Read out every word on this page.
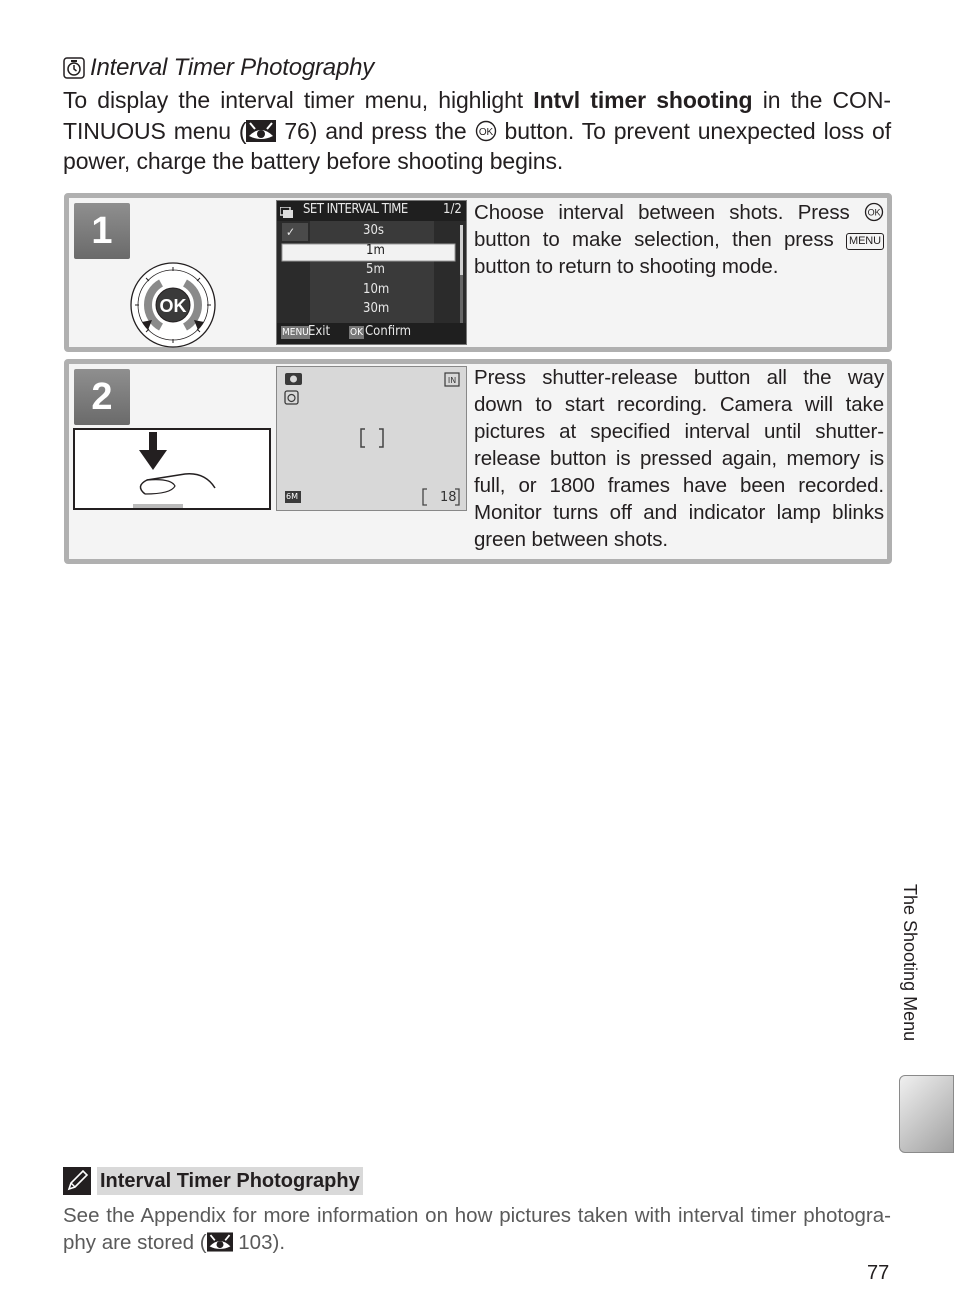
Interval Timer Photography
To display the interval timer menu, highlight Intvl timer shooting in the CONTINUOUS menu ( 76) and press the OK button. To prevent unexpected loss of power, charge the battery before shooting begins.
1
OK
SET INTERVAL TIME	1/2
✓	30s
1m
5m
10m
30m
MENU Exit OK Confirm
Choose interval between shots. Press OK
button to make selection, then press MENU button to return to shooting mode.
2	IN
6M	18
Press shutter-release button all the way down to start recording. Camera will take pictures at specified interval until shutter-release button is pressed again, memory is full, or 1800 frames have been recorded. Monitor turns off and indicator lamp blinks green between shots.
The Shooting Menu
Interval Timer Photography
See the Appendix for more information on how pictures taken with interval timer photography are stored ( 103).
77
